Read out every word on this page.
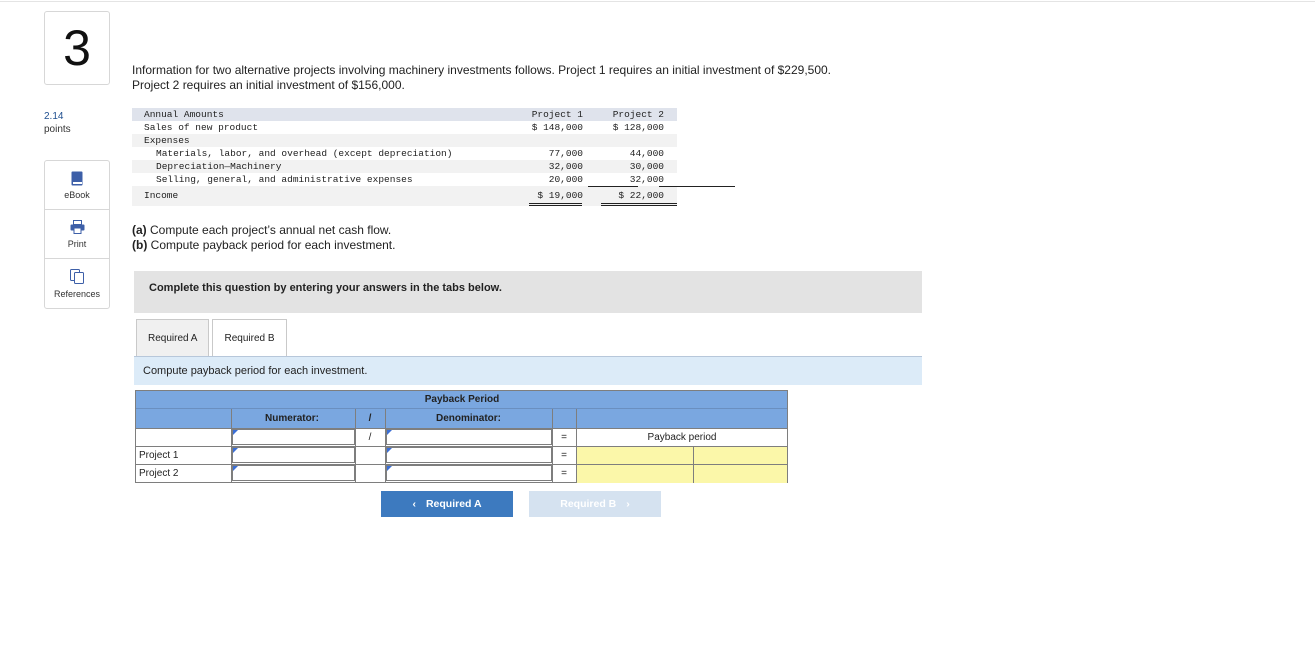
3
2.14
points
eBook
Print
References
Information for two alternative projects involving machinery investments follows. Project 1 requires an initial investment of $229,500.
Project 2 requires an initial investment of $156,000.
Annual Amounts	Project 1	Project 2
Sales of new product	$ 148,000	$ 128,000
Expenses
Materials, labor, and overhead (except depreciation)	77,000	44,000
Depreciation—Machinery	32,000	30,000
Selling, general, and administrative expenses	20,000	32,000
Income	$ 19,000	$ 22,000
(a) Compute each project’s annual net cash flow.
(b) Compute payback period for each investment.
Complete this question by entering your answers in the tabs below.
Required A	Required B
Compute payback period for each investment.
Payback Period
Numerator:	/	Denominator:
/	=	Payback period
Project 1	=
Project 2	=
‹ Required A	Required B ›
